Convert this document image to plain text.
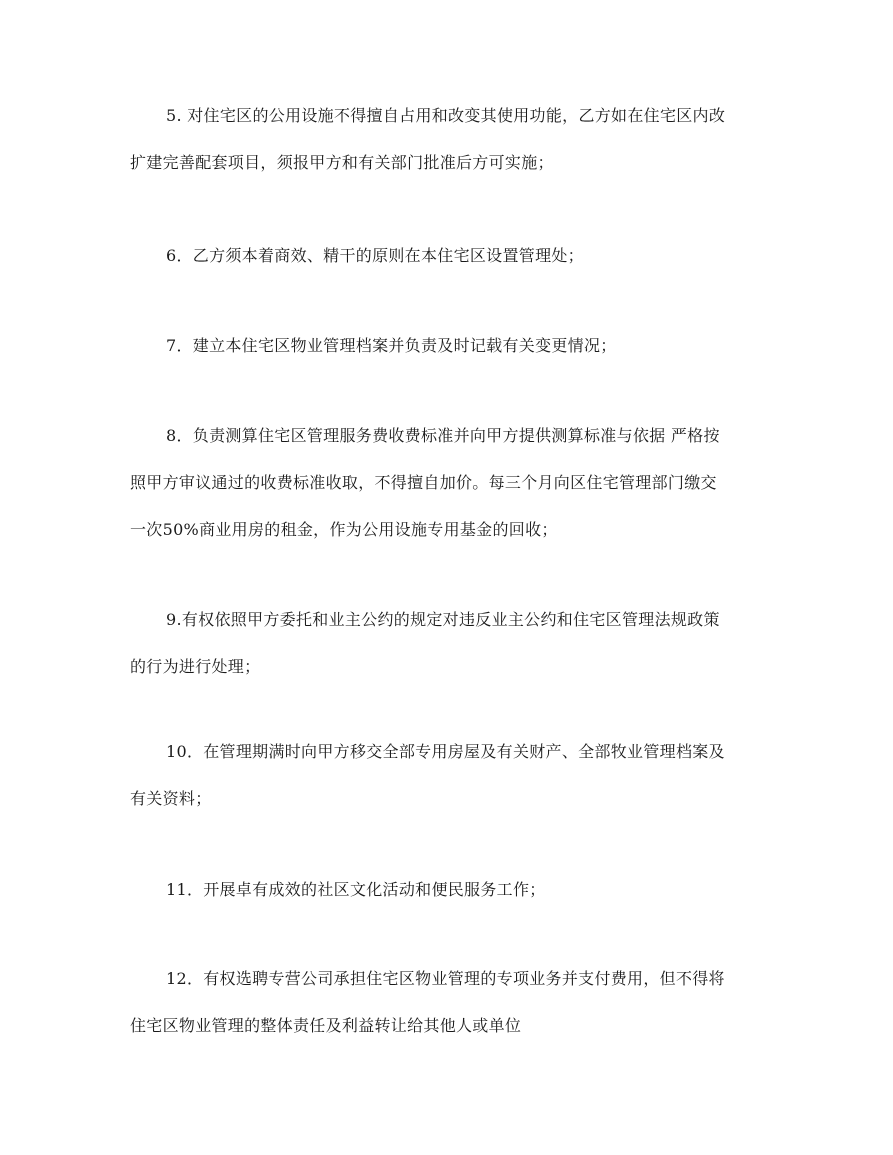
5. 对住宅区的公用设施不得擅自占用和改变其使用功能，乙方如在住宅区内改
扩建完善配套项目，须报甲方和有关部门批准后方可实施；
6．乙方须本着商效、精干的原则在本住宅区设置管理处；
7．建立本住宅区物业管理档案并负责及时记载有关变更情况；
8．负责测算住宅区管理服务费收费标准并向甲方提供测算标准与依据 严格按
照甲方审议通过的收费标准收取，不得擅自加价。每三个月向区住宅管理部门缴交
一次50%商业用房的租金，作为公用设施专用基金的回收；
9.有权依照甲方委托和业主公约的规定对违反业主公约和住宅区管理法规政策
的行为进行处理；
10．在管理期满时向甲方移交全部专用房屋及有关财产、全部牧业管理档案及
有关资料；
11．开展卓有成效的社区文化活动和便民服务工作；
12．有权选聘专营公司承担住宅区物业管理的专项业务并支付费用，但不得将
住宅区物业管理的整体责任及利益转让给其他人或单位
